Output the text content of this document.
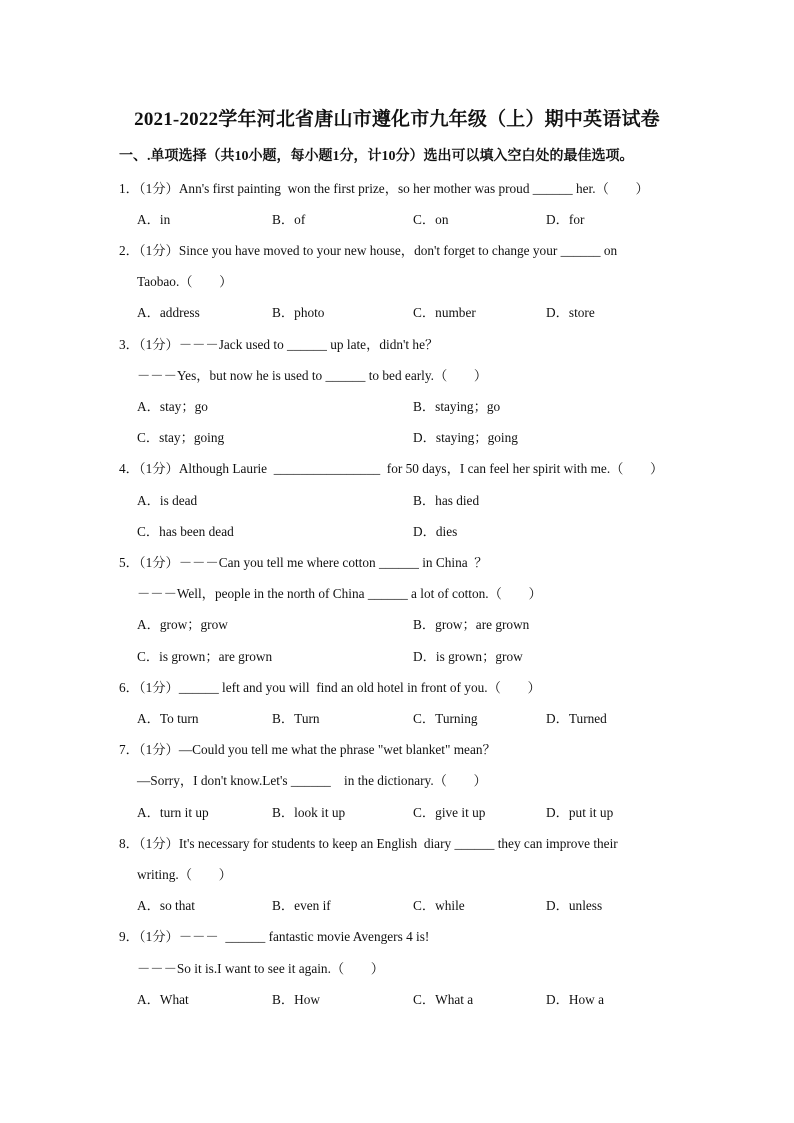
2021-2022学年河北省唐山市遵化市九年级（上）期中英语试卷
一、.单项选择（共10小题，每小题1分，计10分）选出可以填入空白处的最佳选项。
1．（1分）Ann's first painting  won the first prize，so her mother was proud ______ her.（　　）
A．in	B．of	C．on	D．for
2．（1分）Since you have moved to your new house，don't forget to change your ______ on
Taobao.（　　）
A．address	B．photo	C．number	D．store
3．（1分）－－－Jack used to ______ up late，didn't he？
－－－Yes，but now he is used to ______ to bed early.（　　）
A．stay；go	B．staying；go
C．stay；going	D．staying；going
4．（1分）Although Laurie  ________________  for 50 days，I can feel her spirit with me.（　　）
A．is dead	B．has died
C．has been dead	D．dies
5．（1分）－－－Can you tell me where cotton ______ in China  ？
－－－Well，people in the north of China ______ a lot of cotton.（　　）
A．grow；grow	B．grow；are grown
C．is grown；are grown	D．is grown；grow
6．（1分）______ left and you will  find an old hotel in front of you.（　　）
A．To turn	B．Turn	C．Turning	D．Turned
7．（1分）—Could you tell me what the phrase "wet blanket" mean？
—Sorry，I don't know.Let's ______    in the dictionary.（　　）
A．turn it up	B．look it up	C．give it up	D．put it up
8．（1分）It's necessary for students to keep an English  diary ______ they can improve their
writing.（　　）
A．so that	B．even if	C．while	D．unless
9．（1分）－－－  ______ fantastic movie Avengers 4 is!
－－－So it is.I want to see it again.（　　）
A．What	B．How	C．What a	D．How a
